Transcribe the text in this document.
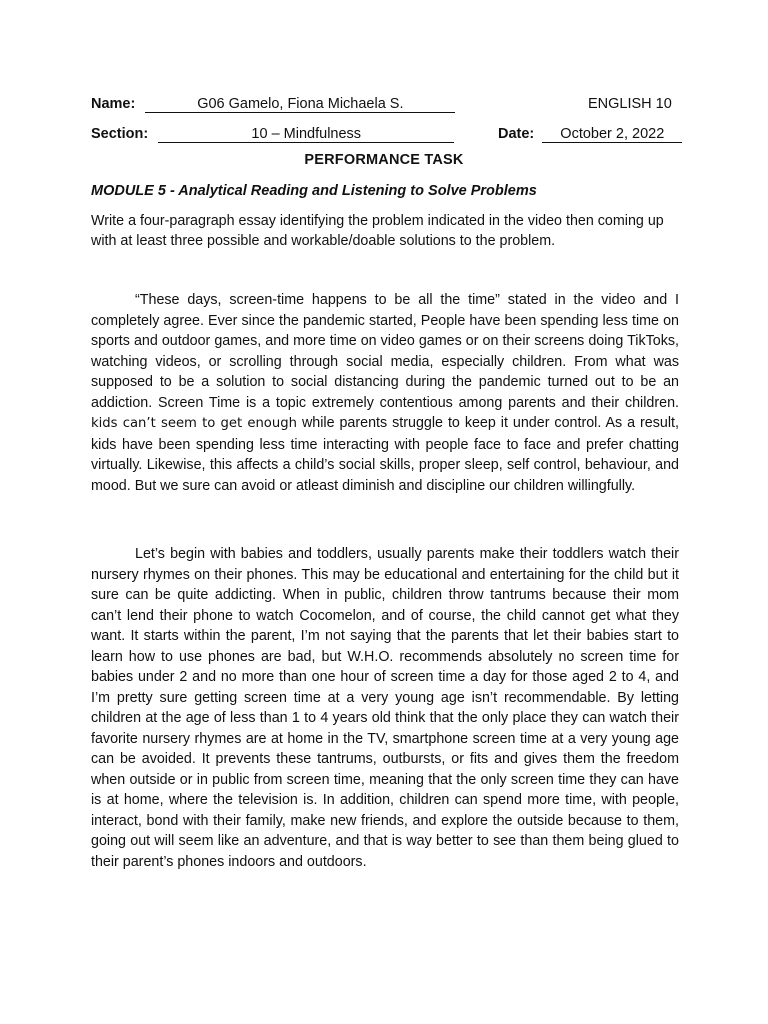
Name:	G06 Gamelo, Fiona Michaela S.	ENGLISH 10
Section:	10 – Mindfulness	Date: October 2, 2022
PERFORMANCE TASK
MODULE 5 - Analytical Reading and Listening to Solve Problems
Write a four-paragraph essay identifying the problem indicated in the video then coming up with at least three possible and workable/doable solutions to the problem.
“These days, screen-time happens to be all the time” stated in the video and I completely agree. Ever since the pandemic started, People have been spending less time on sports and outdoor games, and more time on video games or on their screens doing TikToks, watching videos, or scrolling through social media, especially children. From what was supposed to be a solution to social distancing during the pandemic turned out to be an addiction. Screen Time is a topic extremely contentious among parents and their children. kids can’t seem to get enough while parents struggle to keep it under control. As a result, kids have been spending less time interacting with people face to face and prefer chatting virtually. Likewise, this affects a child’s social skills, proper sleep, self control, behaviour, and mood. But we sure can avoid or atleast diminish and discipline our children willingfully.
Let’s begin with babies and toddlers, usually parents make their toddlers watch their nursery rhymes on their phones. This may be educational and entertaining for the child but it sure can be quite addicting. When in public, children throw tantrums because their mom can’t lend their phone to watch Cocomelon, and of course, the child cannot get what they want. It starts within the parent, I’m not saying that the parents that let their babies start to learn how to use phones are bad, but W.H.O. recommends absolutely no screen time for babies under 2 and no more than one hour of screen time a day for those aged 2 to 4, and I’m pretty sure getting screen time at a very young age isn’t recommendable. By letting children at the age of less than 1 to 4 years old think that the only place they can watch their favorite nursery rhymes are at home in the TV, smartphone screen time at a very young age can be avoided. It prevents these tantrums, outbursts, or fits and gives them the freedom when outside or in public from screen time, meaning that the only screen time they can have is at home, where the television is. In addition, children can spend more time, with people, interact, bond with their family, make new friends, and explore the outside because to them, going out will seem like an adventure, and that is way better to see than them being glued to their parent’s phones indoors and outdoors.
